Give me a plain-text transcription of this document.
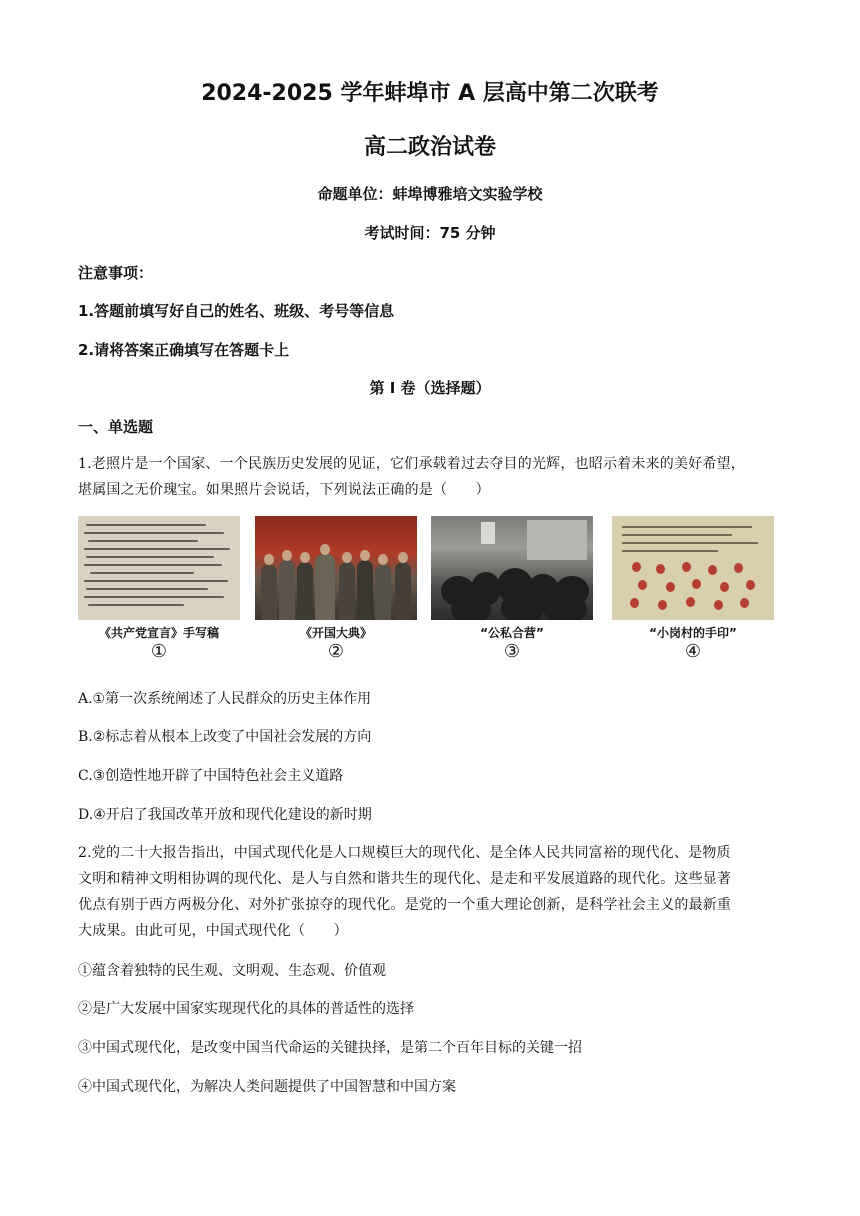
2024-2025 学年蚌埠市 A 层高中第二次联考
高二政治试卷
命题单位：蚌埠博雅培文实验学校
考试时间：75 分钟
注意事项：
1.答题前填写好自己的姓名、班级、考号等信息
2.请将答案正确填写在答题卡上
第 I 卷（选择题）
一、单选题
1.老照片是一个国家、一个民族历史发展的见证，它们承载着过去夺目的光辉，也昭示着未来的美好希望，
堪属国之无价瑰宝。如果照片会说话，下列说法正确的是（　　）
《共产党宣言》手写稿
①
《开国大典》
②
“公私合营”
③
“小岗村的手印”
④
A.①第一次系统阐述了人民群众的历史主体作用
B.②标志着从根本上改变了中国社会发展的方向
C.③创造性地开辟了中国特色社会主义道路
D.④开启了我国改革开放和现代化建设的新时期
2.党的二十大报告指出，中国式现代化是人口规模巨大的现代化、是全体人民共同富裕的现代化、是物质
文明和精神文明相协调的现代化、是人与自然和谐共生的现代化、是走和平发展道路的现代化。这些显著
优点有别于西方两极分化、对外扩张掠夺的现代化。是党的一个重大理论创新，是科学社会主义的最新重
大成果。由此可见，中国式现代化（　　）
①蕴含着独特的民生观、文明观、生态观、价值观
②是广大发展中国家实现现代化的具体的普适性的选择
③中国式现代化，是改变中国当代命运的关键抉择，是第二个百年目标的关键一招
④中国式现代化，为解决人类问题提供了中国智慧和中国方案
